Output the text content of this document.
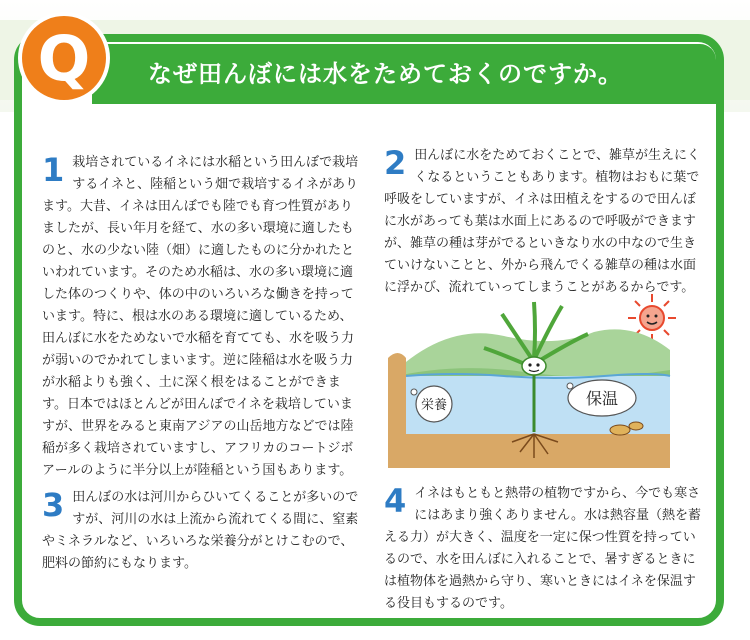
なぜ田んぼには水をためておくのですか。
Q
1 栽培されているイネには水稲という田んぼで栽培するイネと、陸稲という畑で栽培するイネがあります。大昔、イネは田んぼでも陸でも育つ性質がありましたが、長い年月を経て、水の多い環境に適したものと、水の少ない陸（畑）に適したものに分かれたといわれています。そのため水稲は、水の多い環境に適した体のつくりや、体の中のいろいろな働きを持っています。特に、根は水のある環境に適しているため、田んぼに水をためないで水稲を育てても、水を吸う力が弱いのでかれてしまいます。逆に陸稲は水を吸う力が水稲よりも強く、土に深く根をはることができます。日本ではほとんどが田んぼでイネを栽培していますが、世界をみると東南アジアの山岳地方などでは陸稲が多く栽培されていますし、アフリカのコートジボアールのように半分以上が陸稲という国もあります。
2 田んぼに水をためておくことで、雑草が生えにくくなるということもあります。植物はおもに葉で呼吸をしていますが、イネは田植えをするので田んぼに水があっても葉は水面上にあるので呼吸ができますが、雑草の種は芽がでるといきなり水の中なので生きていけないことと、外から飛んでくる雑草の種は水面に浮かび、流れていってしまうことがあるからです。
3 田んぼの水は河川からひいてくることが多いのですが、河川の水は上流から流れてくる間に、窒素やミネラルなど、いろいろな栄養分がとけこむので、肥料の節約にもなります。
4 イネはもともと熱帯の植物ですから、今でも寒さにはあまり強くありません。水は熱容量（熱を蓄える力）が大きく、温度を一定に保つ性質を持っているので、水を田んぼに入れることで、暑すぎるときには植物体を過熱から守り、寒いときにはイネを保温する役目もするのです。
栄養	保温
